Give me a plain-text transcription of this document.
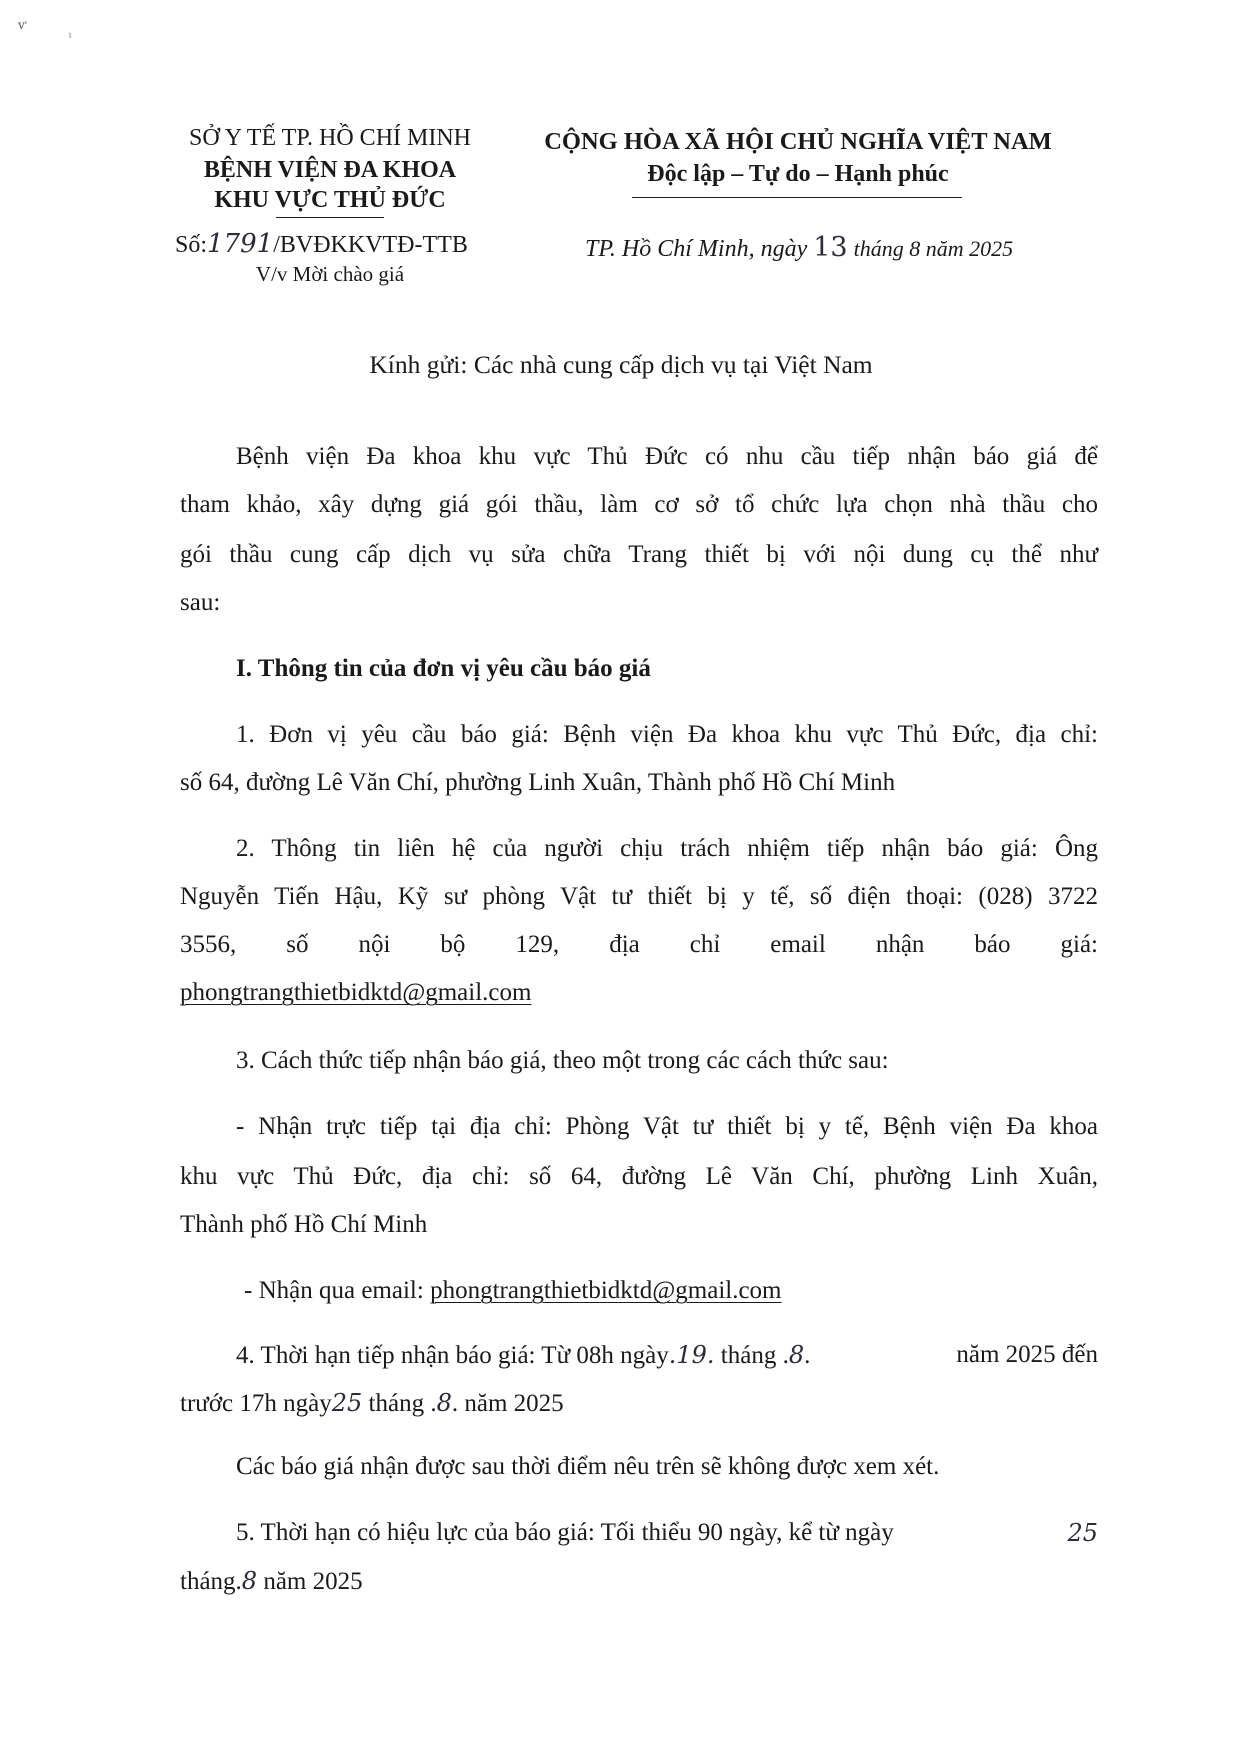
ⅴ'	₁
SỞ Y TẾ TP. HỒ CHÍ MINH
BỆNH VIỆN ĐA KHOA
KHU VỰC THỦ ĐỨC
Số:1791/BVĐKKVTĐ-TTB
V/v Mời chào giá
CỘNG HÒA XÃ HỘI CHỦ NGHĨA VIỆT NAM
Độc lập – Tự do – Hạnh phúc
TP. Hồ Chí Minh, ngày 13 tháng 8 năm 2025
Kính gửi: Các nhà cung cấp dịch vụ tại Việt Nam
Bệnh viện Đa khoa khu vực Thủ Đức có nhu cầu tiếp nhận báo giá để
tham khảo, xây dựng giá gói thầu, làm cơ sở tổ chức lựa chọn nhà thầu cho
gói thầu cung cấp dịch vụ sửa chữa Trang thiết bị với nội dung cụ thể như
sau:
I. Thông tin của đơn vị yêu cầu báo giá
1. Đơn vị yêu cầu báo giá: Bệnh viện Đa khoa khu vực Thủ Đức, địa chỉ:
số 64, đường Lê Văn Chí, phường Linh Xuân, Thành phố Hồ Chí Minh
2. Thông tin liên hệ của người chịu trách nhiệm tiếp nhận báo giá: Ông
Nguyễn Tiến Hậu, Kỹ sư phòng Vật tư thiết bị y tế, số điện thoại: (028) 3722
3556, số nội bộ 129, địa chỉ email nhận báo giá:
phongtrangthietbidktd@gmail.com
3. Cách thức tiếp nhận báo giá, theo một trong các cách thức sau:
- Nhận trực tiếp tại địa chỉ: Phòng Vật tư thiết bị y tế, Bệnh viện Đa khoa
khu vực Thủ Đức, địa chỉ: số 64, đường Lê Văn Chí, phường Linh Xuân,
Thành phố Hồ Chí Minh
- Nhận qua email: phongtrangthietbidktd@gmail.com
4. Thời hạn tiếp nhận báo giá: Từ 08h ngày.19. tháng .8.	năm 2025 đến
trước 17h ngày25 tháng .8. năm 2025
Các báo giá nhận được sau thời điểm nêu trên sẽ không được xem xét.
5. Thời hạn có hiệu lực của báo giá: Tối thiểu 90 ngày, kể từ ngày	25
tháng.8 năm 2025
